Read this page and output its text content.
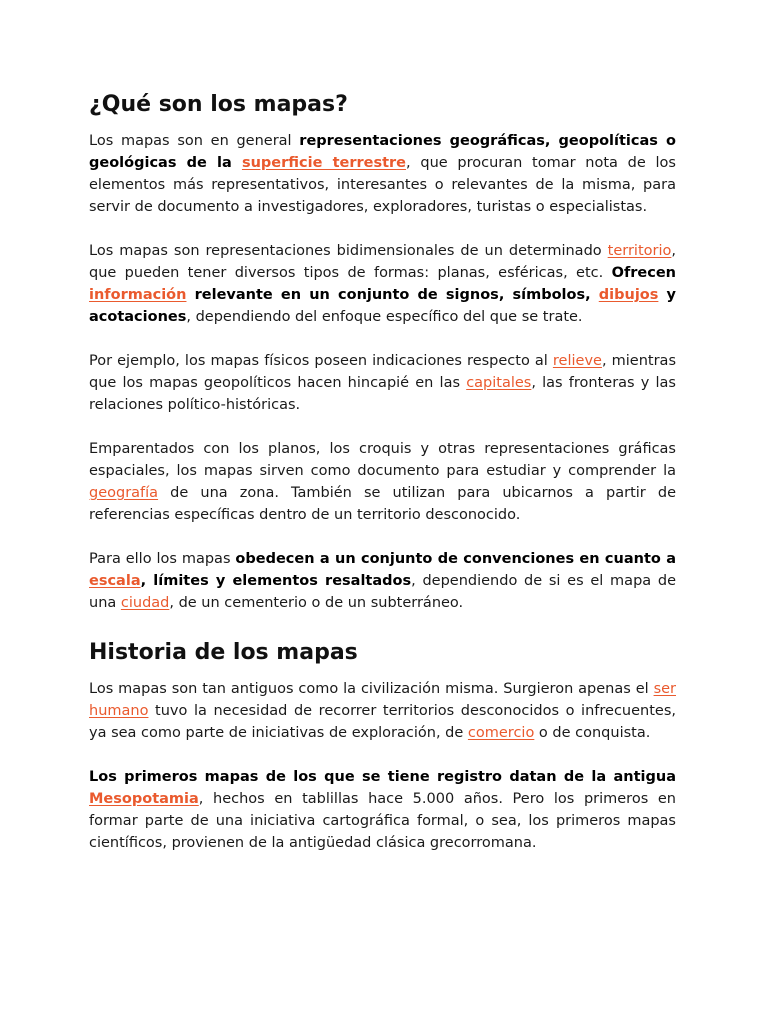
¿Qué son los mapas?

Los mapas son en general representaciones geográficas, geopolíticas o geológicas de la superficie terrestre, que procuran tomar nota de los elementos más representativos, interesantes o relevantes de la misma, para servir de documento a investigadores, exploradores, turistas o especialistas.

Los mapas son representaciones bidimensionales de un determinado territorio, que pueden tener diversos tipos de formas: planas, esféricas, etc. Ofrecen información relevante en un conjunto de signos, símbolos, dibujos y acotaciones, dependiendo del enfoque específico del que se trate.

Por ejemplo, los mapas físicos poseen indicaciones respecto al relieve, mientras que los mapas geopolíticos hacen hincapié en las capitales, las fronteras y las relaciones político-históricas.

Emparentados con los planos, los croquis y otras representaciones gráficas espaciales, los mapas sirven como documento para estudiar y comprender la geografía de una zona. También se utilizan para ubicarnos a partir de referencias específicas dentro de un territorio desconocido.

Para ello los mapas obedecen a un conjunto de convenciones en cuanto a escala, límites y elementos resaltados, dependiendo de si es el mapa de una ciudad, de un cementerio o de un subterráneo.

Historia de los mapas

Los mapas son tan antiguos como la civilización misma. Surgieron apenas el ser humano tuvo la necesidad de recorrer territorios desconocidos o infrecuentes, ya sea como parte de iniciativas de exploración, de comercio o de conquista.

Los primeros mapas de los que se tiene registro datan de la antigua Mesopotamia, hechos en tablillas hace 5.000 años. Pero los primeros en formar parte de una iniciativa cartográfica formal, o sea, los primeros mapas científicos, provienen de la antigüedad clásica grecorromana.
